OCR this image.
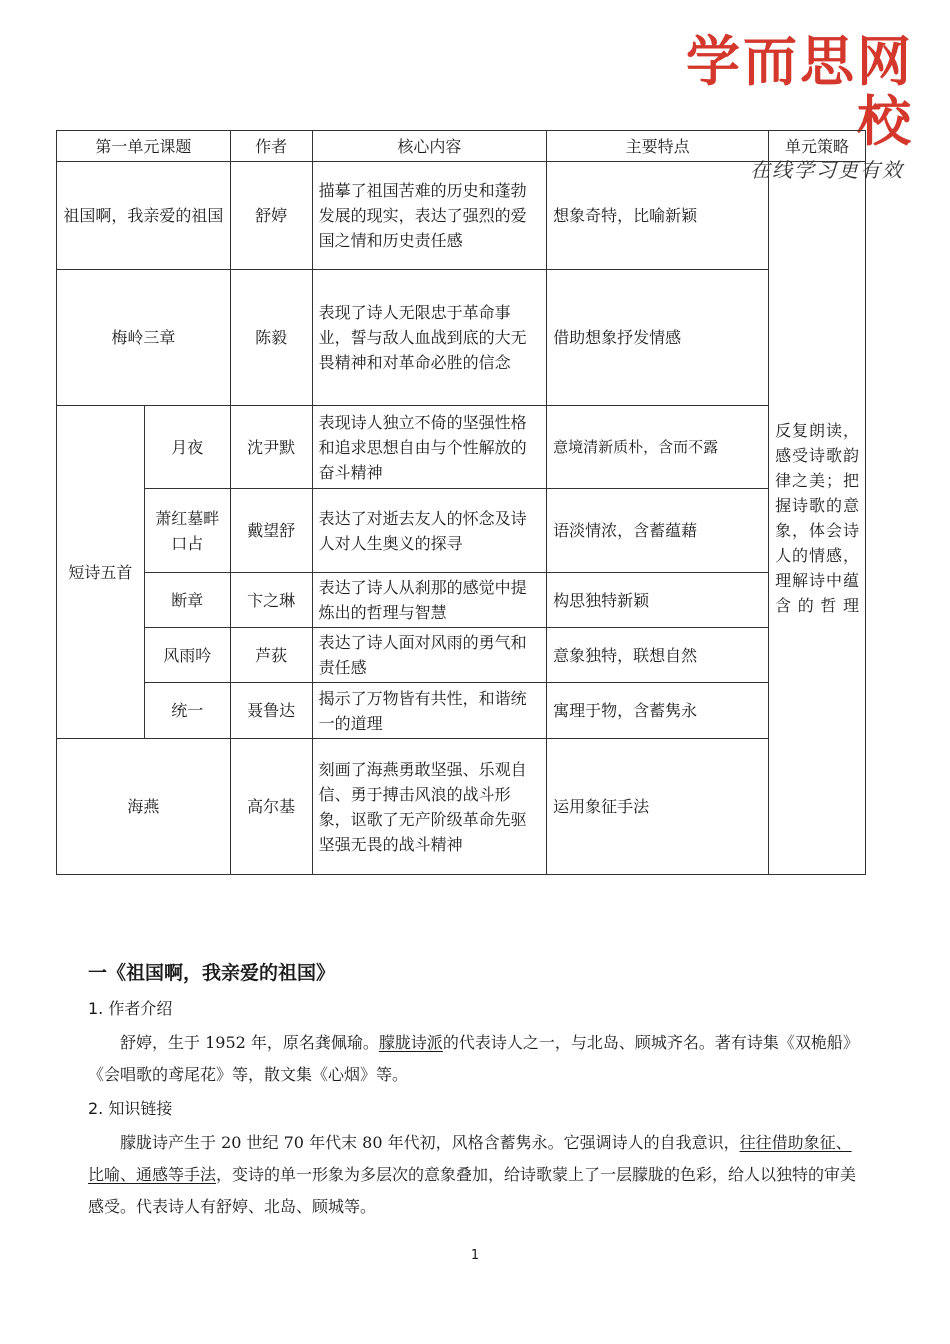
学而思网校
在线学习更有效
第一单元课题		作者	核心内容	主要特点	单元策略
祖国啊，我亲爱的祖国		舒婷	描摹了祖国苦难的历史和蓬勃发展的现实，表达了强烈的爱国之情和历史责任感	想象奇特，比喻新颖	反复朗读，感受诗歌韵律之美；把握诗歌的意象，体会诗人的情感，理解诗中蕴含的哲理
梅岭三章		陈毅	表现了诗人无限忠于革命事业，誓与敌人血战到底的大无畏精神和对革命必胜的信念	借助想象抒发情感	
短诗五首	月夜	沈尹默	表现诗人独立不倚的坚强性格和追求思想自由与个性解放的奋斗精神	意境清新质朴，含而不露	
	萧红墓畔口占	戴望舒	表达了对逝去友人的怀念及诗人对人生奥义的探寻	语淡情浓，含蓄蕴藉	
	断章	卞之琳	表达了诗人从刹那的感觉中提炼出的哲理与智慧	构思独特新颖	
	风雨吟	芦荻	表达了诗人面对风雨的勇气和责任感	意象独特，联想自然	
	统一	聂鲁达	揭示了万物皆有共性，和谐统一的道理	寓理于物，含蓄隽永	
海燕		高尔基	刻画了海燕勇敢坚强、乐观自信、勇于搏击风浪的战斗形象，讴歌了无产阶级革命先驱坚强无畏的战斗精神	运用象征手法	
一《祖国啊，我亲爱的祖国》
1. 作者介绍

舒婷，生于 1952 年，原名龚佩瑜。朦胧诗派的代表诗人之一，与北岛、顾城齐名。著有诗集《双桅船》《会唱歌的鸢尾花》等，散文集《心烟》等。

2. 知识链接

朦胧诗产生于 20 世纪 70 年代末 80 年代初，风格含蓄隽永。它强调诗人的自我意识，往往借助象征、比喻、通感等手法，变诗的单一形象为多层次的意象叠加，给诗歌蒙上了一层朦胧的色彩，给人以独特的审美感受。代表诗人有舒婷、北岛、顾城等。

1
